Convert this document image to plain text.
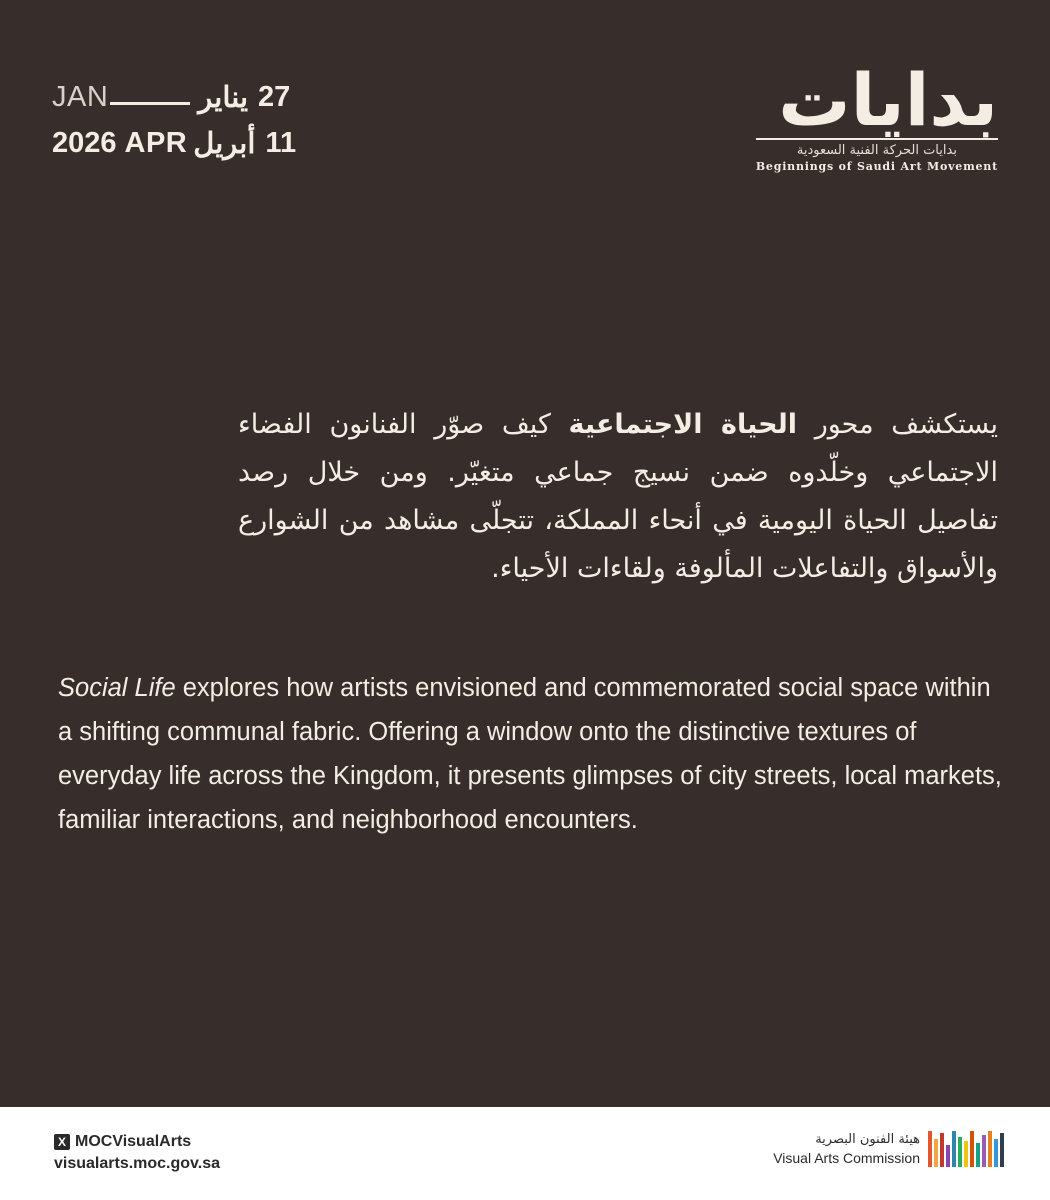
JAN	يناير 27
2026 APR أبريل 11
بدايات
بدايات الحركة الفنية السعودية
Beginnings of Saudi Art Movement

يستكشف محور الحياة الاجتماعية كيف صوّر الفنانون الفضاء الاجتماعي وخلّدوه ضمن نسيج جماعي متغيّر. ومن خلال رصد تفاصيل الحياة اليومية في أنحاء المملكة، تتجلّى مشاهد من الشوارع والأسواق والتفاعلات المألوفة ولقاءات الأحياء.

Social Life explores how artists envisioned and commemorated social space within a shifting communal fabric. Offering a window onto the distinctive textures of everyday life across the Kingdom, it presents glimpses of city streets, local markets, familiar interactions, and neighborhood encounters.

X MOCVisualArts
visualarts.moc.gov.sa
هيئة الفنون البصرية
Visual Arts Commission
